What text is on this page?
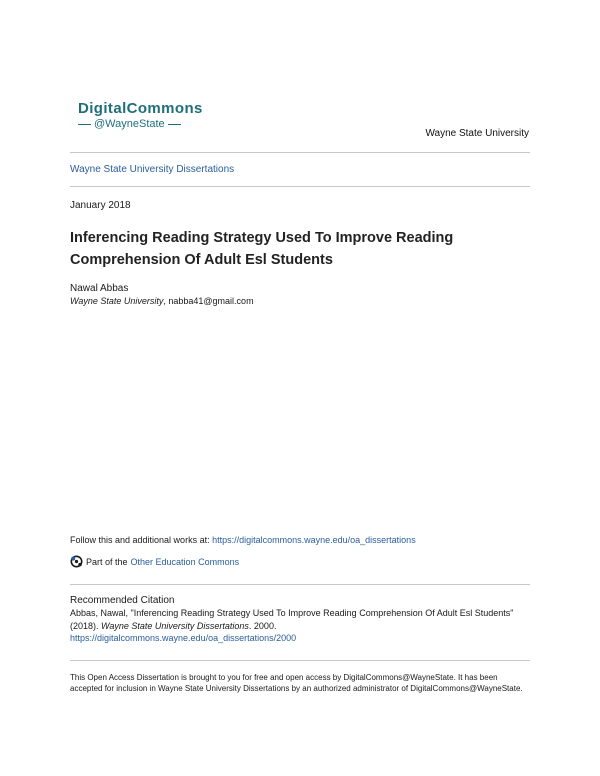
DigitalCommons
@WayneState
Wayne State University
Wayne State University Dissertations
January 2018
Inferencing Reading Strategy Used To Improve Reading Comprehension Of Adult Esl Students
Nawal Abbas
Wayne State University, nabba41@gmail.com
Follow this and additional works at: https://digitalcommons.wayne.edu/oa_dissertations
Part of the Other Education Commons
Recommended Citation
Abbas, Nawal, "Inferencing Reading Strategy Used To Improve Reading Comprehension Of Adult Esl Students" (2018). Wayne State University Dissertations. 2000.
https://digitalcommons.wayne.edu/oa_dissertations/2000
This Open Access Dissertation is brought to you for free and open access by DigitalCommons@WayneState. It has been accepted for inclusion in Wayne State University Dissertations by an authorized administrator of DigitalCommons@WayneState.
